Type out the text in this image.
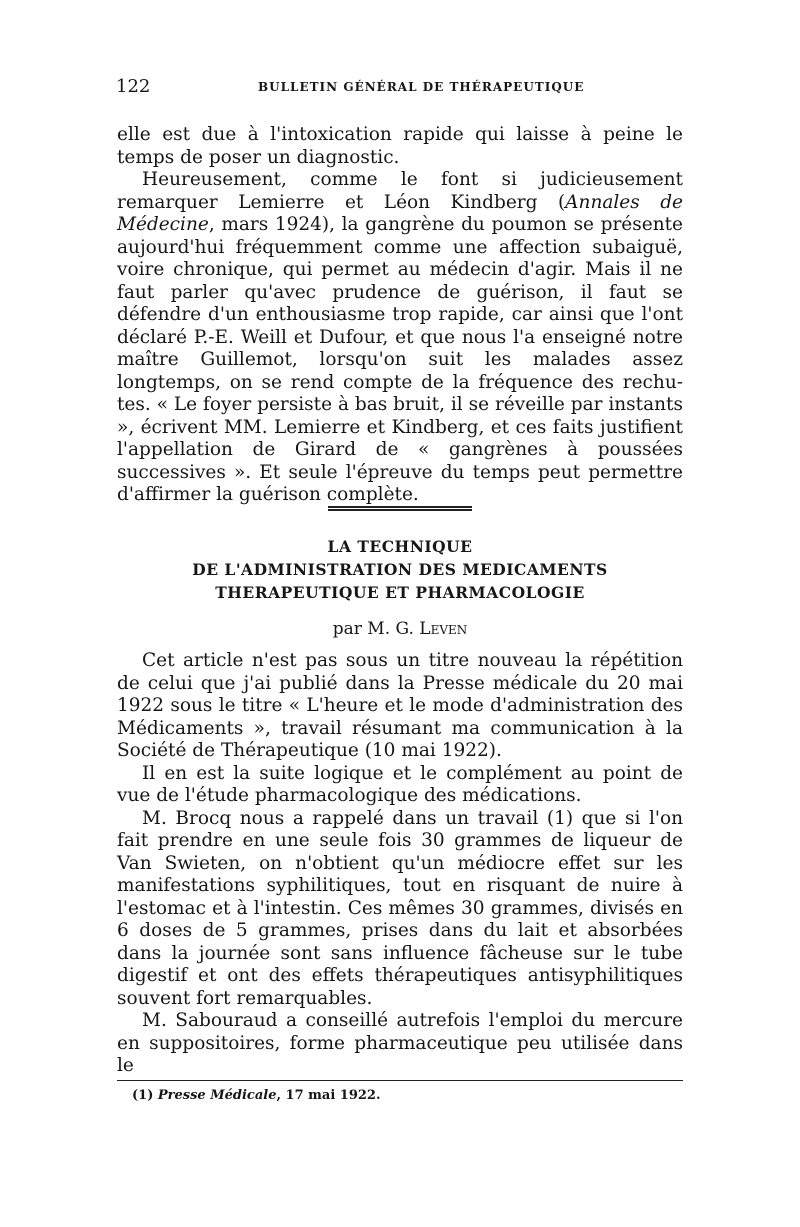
122	BULLETIN GÉNÉRAL DE THÉRAPEUTIQUE

elle est due à l'intoxication rapide qui laisse à peine le temps de poser un diagnostic.

Heureusement, comme le font si judicieusement remarquer Lemierre et Léon Kindberg (Annales de Médecine, mars 1924), la gangrène du poumon se présente aujourd'hui fréquemment comme une affection subaiguë, voire chronique, qui permet au médecin d'agir. Mais il ne faut parler qu'avec prudence de guérison, il faut se défendre d'un enthousiasme trop rapide, car ainsi que l'ont déclaré P.-E. Weill et Dufour, et que nous l'a enseigné notre maître Guillemot, lorsqu'on suit les malades assez longtemps, on se rend compte de la fréquence des rechutes. « Le foyer persiste à bas bruit, il se réveille par instants », écrivent MM. Lemierre et Kindberg, et ces faits justifient l'appellation de Girard de « gangrènes à poussées successives ». Et seule l'épreuve du temps peut permettre d'affirmer la guérison complète.

LA TECHNIQUE
DE L'ADMINISTRATION DES MEDICAMENTS
THERAPEUTIQUE ET PHARMACOLOGIE
par M. G. Leven

Cet article n'est pas sous un titre nouveau la répétition de celui que j'ai publié dans la Presse médicale du 20 mai 1922 sous le titre « L'heure et le mode d'administration des Médicaments », travail résumant ma communication à la Société de Thérapeutique (10 mai 1922).

Il en est la suite logique et le complément au point de vue de l'étude pharmacologique des médications.

M. Brocq nous a rappelé dans un travail (1) que si l'on fait prendre en une seule fois 30 grammes de liqueur de Van Swieten, on n'obtient qu'un médiocre effet sur les manifestations syphilitiques, tout en risquant de nuire à l'estomac et à l'intestin. Ces mêmes 30 grammes, divisés en 6 doses de 5 grammes, prises dans du lait et absorbées dans la journée sont sans influence fâcheuse sur le tube digestif et ont des effets thérapeutiques antisyphilitiques souvent fort remarquables.

M. Sabouraud a conseillé autrefois l'emploi du mercure en suppositoires, forme pharmaceutique peu utilisée dans le

(1) Presse Médicale, 17 mai 1922.
